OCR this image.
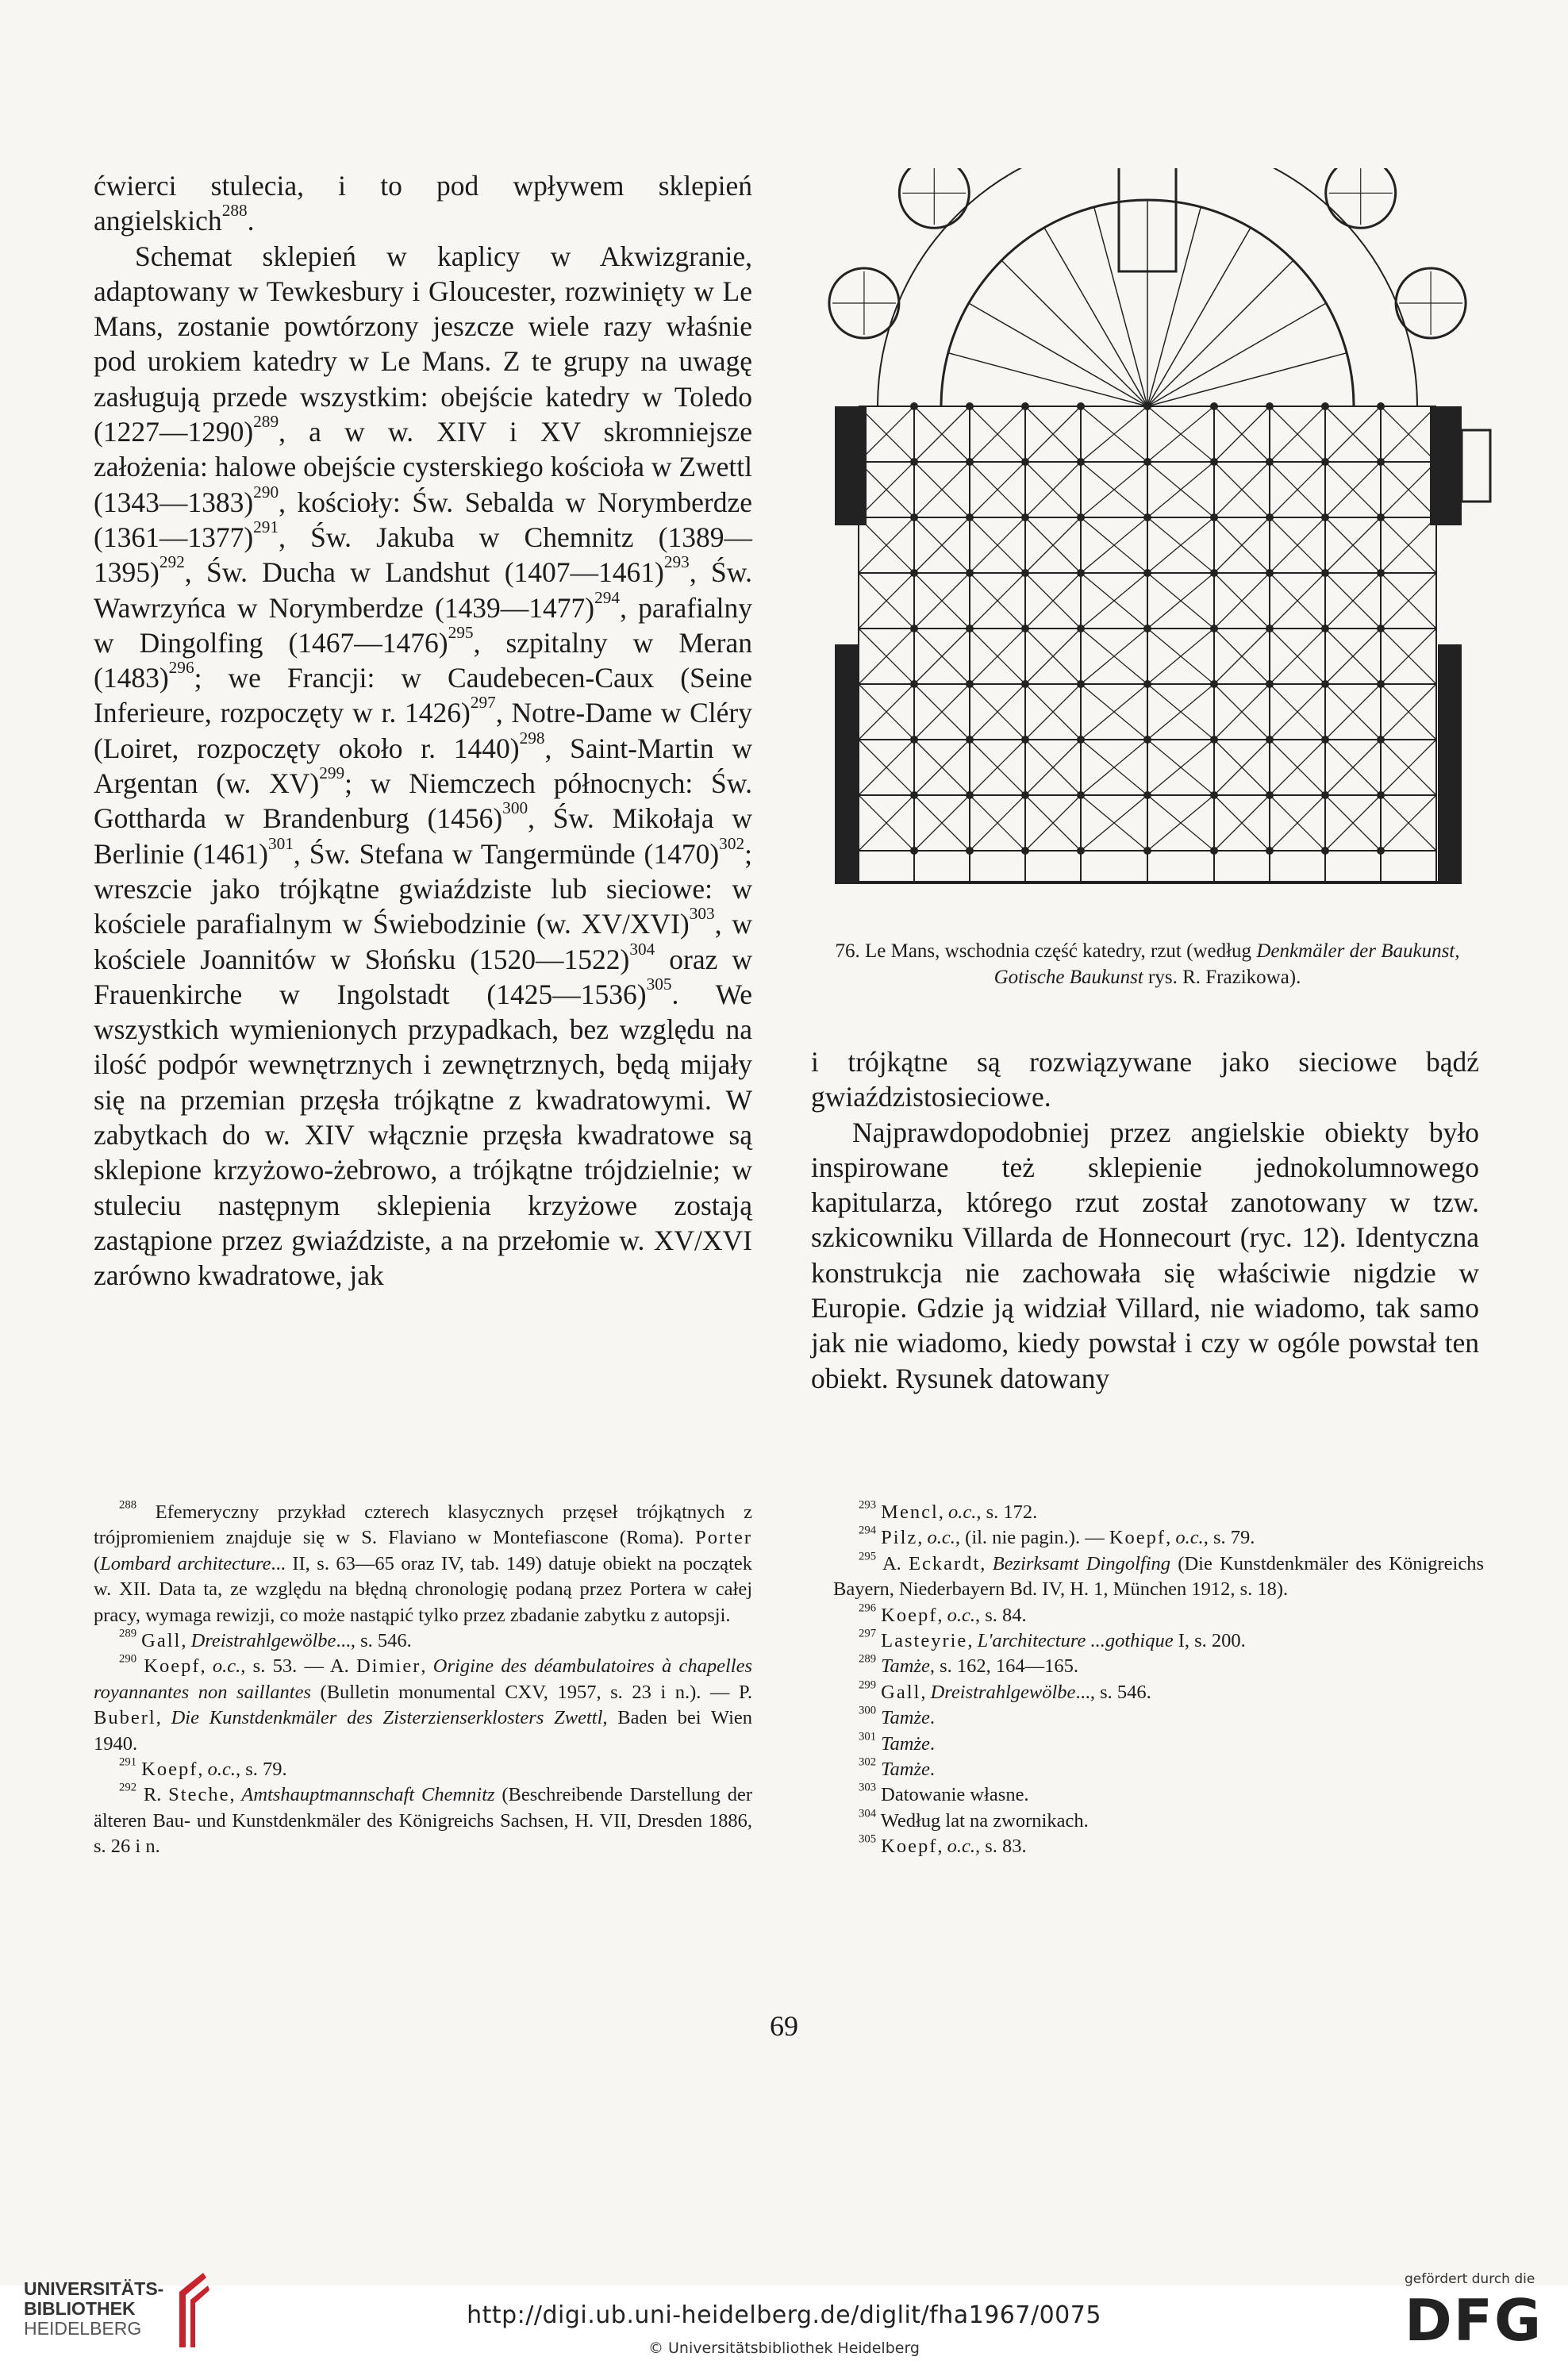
ćwierci stulecia, i to pod wpływem sklepień angielskich$^{288}$.

Schemat sklepień w kaplicy w Akwizgranie, adaptowany w Tewkesbury i Gloucester, rozwinięty w Le Mans, zostanie powtórzony jeszcze wiele razy właśnie pod urokiem katedry w Le Mans. Z te grupy na uwagę zasługują przede wszystkim: obejście katedry w Toledo (1227—1290)$^{289}$, a w w. XIV i XV skromniejsze założenia: halowe obejście cysterskiego kościoła w Zwettl (1343—1383)$^{290}$, kościoły: Św. Sebalda w Norymberdze (1361—1377)$^{291}$, Św. Jakuba w Chemnitz (1389—1395)$^{292}$, Św. Ducha w Landshut (1407—1461)$^{293}$, Św. Wawrzyńca w Norymberdze (1439—1477)$^{294}$, parafialny w Dingolfing (1467—1476)$^{295}$, szpitalny w Meran $(1483)^{296}$; we Francji: w Caudebecen-Caux (Seine Inferieure, rozpoczęty w r. 1426)$^{297}$, Notre-Dame w Cléry (Loiret, rozpoczęty około r. 1440)$^{298}$, Saint-Martin w Argentan (w. XV)$^{299}$; w Niemczech północnych: Św. Gottharda w Brandenburg $(1456)^{300}$, Św. Mikołaja w Berlinie $(1461)^{301}$, Św. Stefana w Tangermünde $(1470)^{302}$; wreszcie jako trójkątne gwiaździste lub sieciowe: w kościele parafialnym w Świebodzinie (w. XV/XVI)$^{303}$, w kościele Joannitów w Słońsku (1520—1522)$^{304}$ oraz w Frauenkirche w Ingolstadt (1425—1536)$^{305}$. We wszystkich wymienionych przypadkach, bez względu na ilość podpór wewnętrznych i zewnętrznych, będą mijały się na przemian przęsła trójkątne z kwadratowymi. W zabytkach do w. XIV włącznie przęsła kwadratowe są sklepione krzyżowo-żebrowo, a trójkątne trójdzielnie; w stuleciu następnym sklepienia krzyżowe zostają zastąpione przez gwiaździste, a na przełomie w. XV/XVI zarówno kwadratowe, jak

76. Le Mans, wschodnia część katedry, rzut (według Denkmäler der Baukunst, Gotische Baukunst rys. R. Frazikowa).

i trójkątne są rozwiązywane jako sieciowe bądź gwiaździstosieciowe.

Najprawdopodobniej przez angielskie obiekty było inspirowane też sklepienie jednokolumnowego kapitularza, którego rzut został zanotowany w tzw. szkicowniku Villarda de Honnecourt (ryc. 12). Identyczna konstrukcja nie zachowała się właściwie nigdzie w Europie. Gdzie ją widział Villard, nie wiadomo, tak samo jak nie wiadomo, kiedy powstał i czy w ogóle powstał ten obiekt. Rysunek datowany

$^{288}$ Efemeryczny przykład czterech klasycznych przęseł trójkątnych z trójpromieniem znajduje się w S. Flaviano w Montefiascone (Roma). Porter (Lombard architecture... II, s. 63—65 oraz IV, tab. 149) datuje obiekt na początek w. XII. Data ta, ze względu na błędną chronologię podaną przez Portera w całej pracy, wymaga rewizji, co może nastąpić tylko przez zbadanie zabytku z autopsji.

$^{289}$ Gall, Dreistrahlgewölbe..., s. 546.

$^{290}$ Koepf, o.c., s. 53. — A. Dimier, Origine des déambulatoires à chapelles royannantes non saillantes (Bulletin monumental CXV, 1957, s. 23 i n.). — P. Buberl, Die Kunstdenkmäler des Zisterzienserklosters Zwettl, Baden bei Wien 1940.

$^{291}$ Koepf, o.c., s. 79.

$^{292}$ R. Steche, Amtshauptmannschaft Chemnitz (Beschreibende Darstellung der älteren Bau- und Kunstdenkmäler des Königreichs Sachsen, H. VII, Dresden 1886, s. 26 i n.

$^{293}$ Mencl, o.c., s. 172.

$^{294}$ Pilz, o.c., (il. nie pagin.). — Koepf, o.c., s. 79.

$^{295}$ A. Eckardt, Bezirksamt Dingolfing (Die Kunstdenkmäler des Königreichs Bayern, Niederbayern Bd. IV, H. 1, München 1912, s. 18).

$^{296}$ Koepf, o.c., s. 84.

$^{297}$ Lasteyrie, L'architecture ...gothique I, s. 200.

$^{289}$ Tamże, s. 162, 164—165.

$^{299}$ Gall, Dreistrahlgewölbe..., s. 546.

$^{300}$ Tamże.

$^{301}$ Tamże.

$^{302}$ Tamże.

$^{303}$ Datowanie własne.

$^{304}$ Według lat na zwornikach.

$^{305}$ Koepf, o.c., s. 83.

69
UNIVERSITÄTS-
BIBLIOTHEK
HEIDELBERG	http://digi.ub.uni-heidelberg.de/diglit/fha1967/0075
© Universitätsbibliothek Heidelberg
gefördert durch die
DFG
